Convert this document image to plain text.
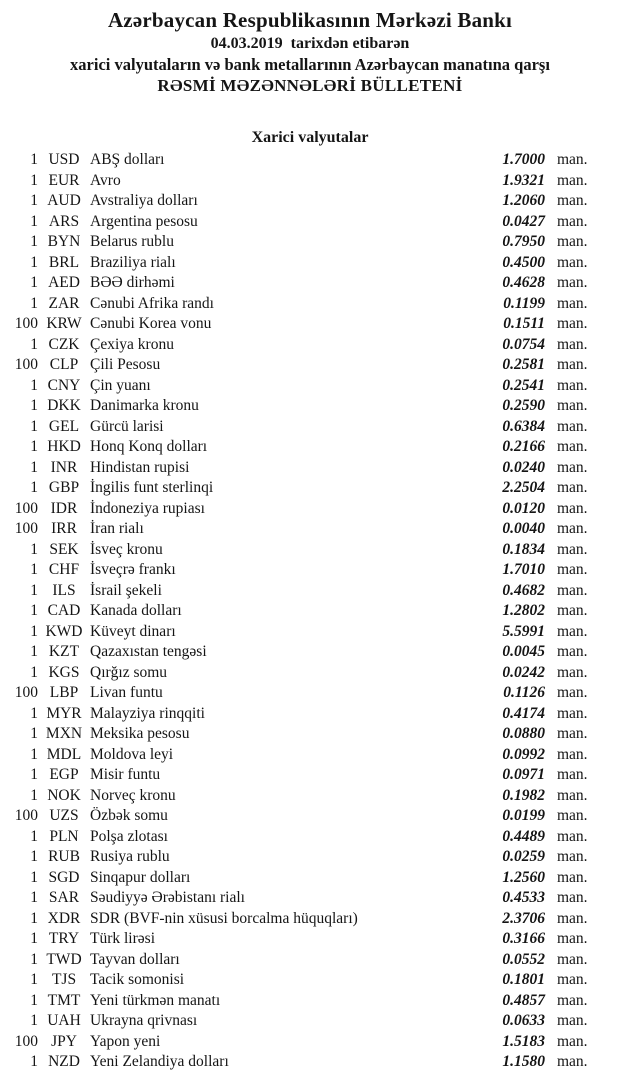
Azərbaycan Respublikasının Mərkəzi Bankı
04.03.2019  tarixdən etibarən
xarici valyutaların və bank metallarının Azərbaycan manatına qarşı
RƏSMİ MƏZƏNNƏLƏRİ BÜLLETENİ
Xarici valyutalar
1 USD ABŞ dolları	1.7000 man.
1 EUR Avro	1.9321 man.
1 AUD Avstraliya dolları	1.2060 man.
1 ARS Argentina pesosu	0.0427 man.
1 BYN Belarus rublu	0.7950 man.
1 BRL Braziliya rialı	0.4500 man.
1 AED BƏƏ dirhəmi	0.4628 man.
1 ZAR Cənubi Afrika randı	0.1199 man.
100 KRW Cənubi Korea vonu	0.1511 man.
1 CZK Çexiya kronu	0.0754 man.
100 CLP Çili Pesosu	0.2581 man.
1 CNY Çin yuanı	0.2541 man.
1 DKK Danimarka kronu	0.2590 man.
1 GEL Gürcü larisi	0.6384 man.
1 HKD Honq Konq dolları	0.2166 man.
1 INR Hindistan rupisi	0.0240 man.
1 GBP İngilis funt sterlinqi	2.2504 man.
100 IDR İndoneziya rupiası	0.0120 man.
100 IRR İran rialı	0.0040 man.
1 SEK İsveç kronu	0.1834 man.
1 CHF İsveçrə frankı	1.7010 man.
1 ILS İsrail şekeli	0.4682 man.
1 CAD Kanada dolları	1.2802 man.
1 KWD Küveyt dinarı	5.5991 man.
1 KZT Qazaxıstan tengəsi	0.0045 man.
1 KGS Qırğız somu	0.0242 man.
100 LBP Livan funtu	0.1126 man.
1 MYR Malayziya rinqqiti	0.4174 man.
1 MXN Meksika pesosu	0.0880 man.
1 MDL Moldova leyi	0.0992 man.
1 EGP Misir funtu	0.0971 man.
1 NOK Norveç kronu	0.1982 man.
100 UZS Özbək somu	0.0199 man.
1 PLN Polşa zlotası	0.4489 man.
1 RUB Rusiya rublu	0.0259 man.
1 SGD Sinqapur dolları	1.2560 man.
1 SAR Səudiyyə Ərəbistanı rialı	0.4533 man.
1 XDR SDR (BVF-nin xüsusi borcalma hüquqları)	2.3706 man.
1 TRY Türk lirəsi	0.3166 man.
1 TWD Tayvan dolları	0.0552 man.
1 TJS Tacik somonisi	0.1801 man.
1 TMT Yeni türkmən manatı	0.4857 man.
1 UAH Ukrayna qrivnası	0.0633 man.
100 JPY Yapon yeni	1.5183 man.
1 NZD Yeni Zelandiya dolları	1.1580 man.
